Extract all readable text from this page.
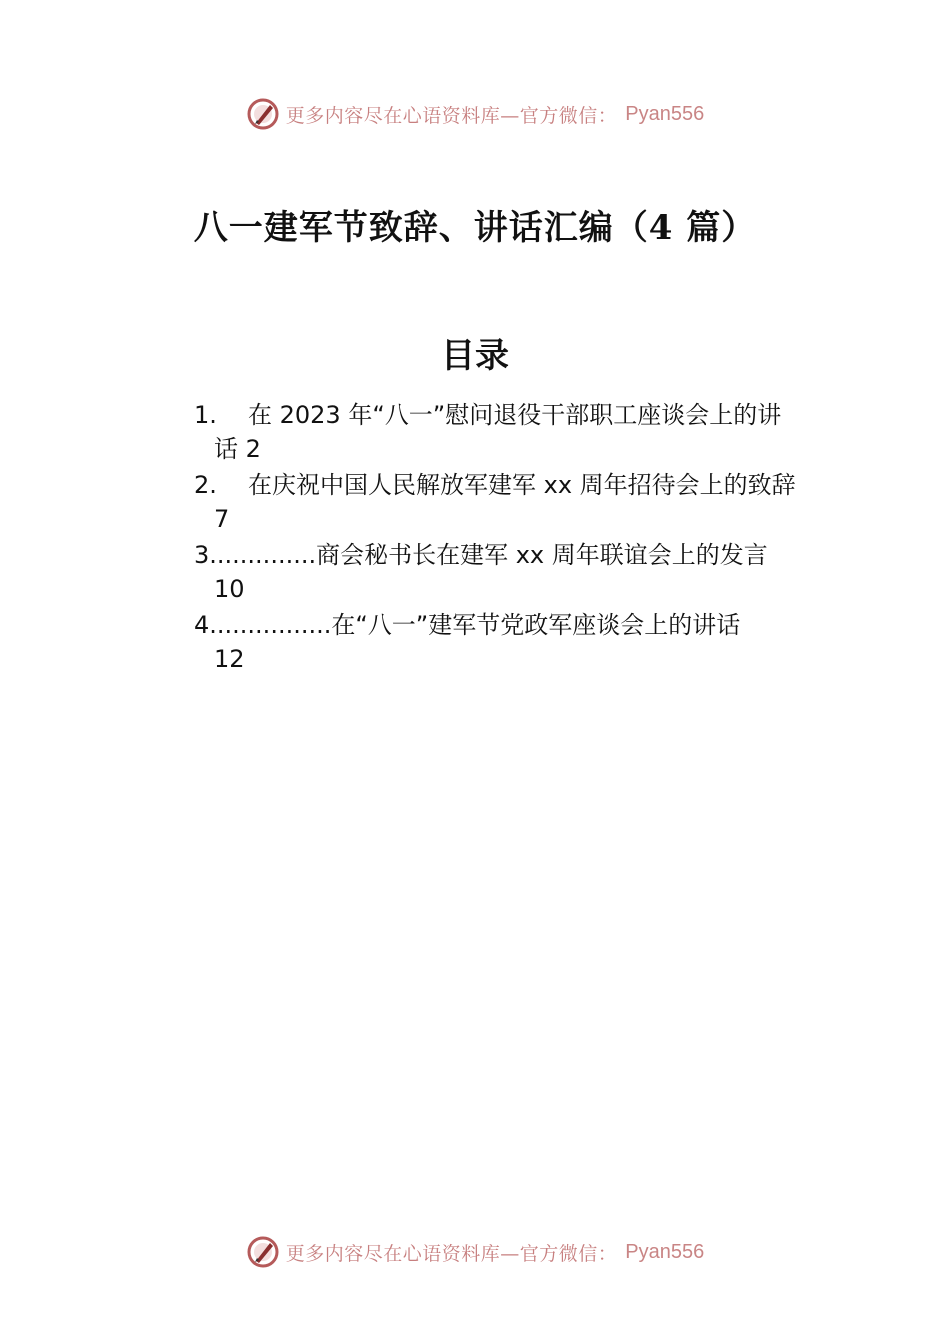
更多内容尽在心语资料库—官方微信： Pyan556
八一建军节致辞、讲话汇编（4 篇）
目录
1. 在 2023 年“八一”慰问退役干部职工座谈会上的讲
话 2
2. 在庆祝中国人民解放军建军 xx 周年招待会上的致辞
7
3..............商会秘书长在建军 xx 周年联谊会上的发言
10
4................在“八一”建军节党政军座谈会上的讲话
12
更多内容尽在心语资料库—官方微信： Pyan556
